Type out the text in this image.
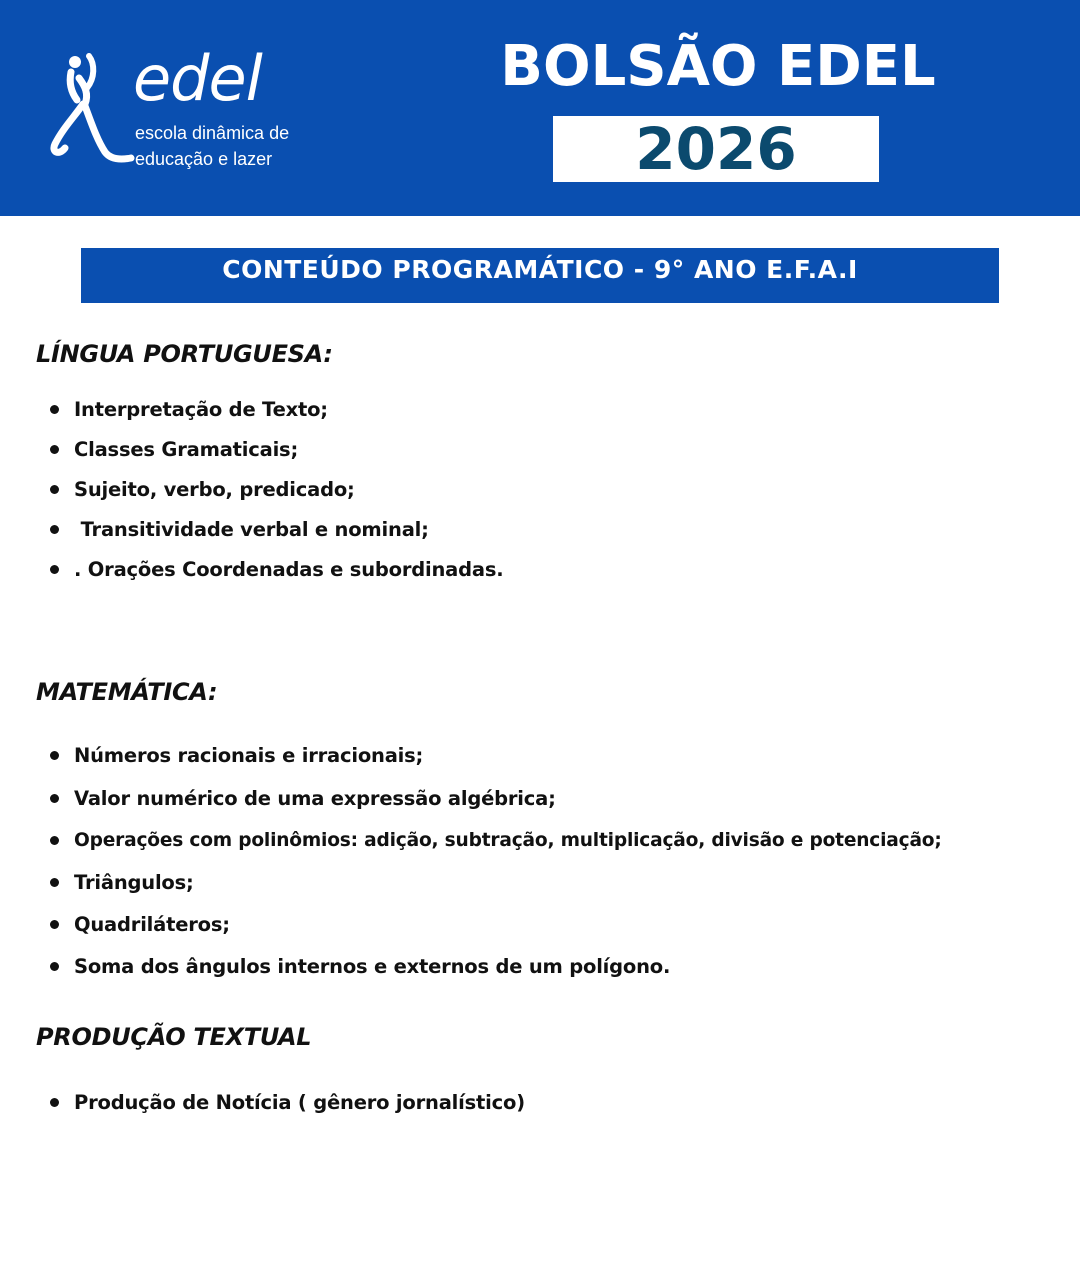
edel
escola dinâmica de
educação e lazer
BOLSÃO EDEL
2026
CONTEÚDO PROGRAMÁTICO - 9° ANO E.F.A.I
LÍNGUA PORTUGUESA:
Interpretação de Texto;
Classes Gramaticais;
Sujeito, verbo, predicado;
Transitividade verbal e nominal;
. Orações Coordenadas e subordinadas.
MATEMÁTICA:
Números racionais e irracionais;
Valor numérico de uma expressão algébrica;
Operações com polinômios: adição, subtração, multiplicação, divisão e potenciação;
Triângulos;
Quadriláteros;
Soma dos ângulos internos e externos de um polígono.
PRODUÇÃO TEXTUAL
Produção de Notícia ( gênero jornalístico)
